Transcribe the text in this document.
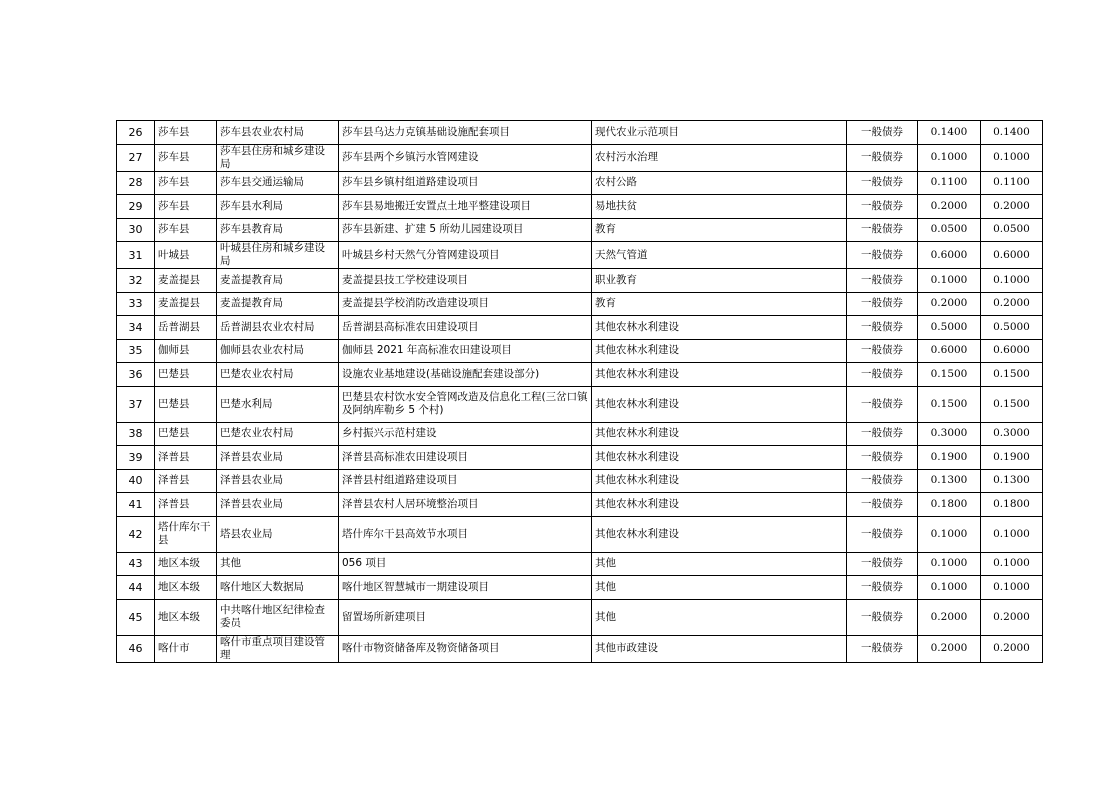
26	莎车县	莎车县农业农村局	莎车县乌达力克镇基础设施配套项目	现代农业示范项目	一般债券	0.1400	0.1400
27	莎车县	莎车县住房和城乡建设局	莎车县两个乡镇污水管网建设	农村污水治理	一般债券	0.1000	0.1000
28	莎车县	莎车县交通运输局	莎车县乡镇村组道路建设项目	农村公路	一般债券	0.1100	0.1100
29	莎车县	莎车县水利局	莎车县易地搬迁安置点土地平整建设项目	易地扶贫	一般债券	0.2000	0.2000
30	莎车县	莎车县教育局	莎车县新建、扩建 5 所幼儿园建设项目	教育	一般债券	0.0500	0.0500
31	叶城县	叶城县住房和城乡建设局	叶城县乡村天然气分管网建设项目	天然气管道	一般债券	0.6000	0.6000
32	麦盖提县	麦盖提教育局	麦盖提县技工学校建设项目	职业教育	一般债券	0.1000	0.1000
33	麦盖提县	麦盖提教育局	麦盖提县学校消防改造建设项目	教育	一般债券	0.2000	0.2000
34	岳普湖县	岳普湖县农业农村局	岳普湖县高标准农田建设项目	其他农林水利建设	一般债券	0.5000	0.5000
35	伽师县	伽师县农业农村局	伽师县 2021 年高标准农田建设项目	其他农林水利建设	一般债券	0.6000	0.6000
36	巴楚县	巴楚农业农村局	设施农业基地建设(基础设施配套建设部分)	其他农林水利建设	一般债券	0.1500	0.1500
37	巴楚县	巴楚水利局	巴楚县农村饮水安全管网改造及信息化工程(三岔口镇及阿纳库勒乡 5 个村)	其他农林水利建设	一般债券	0.1500	0.1500
38	巴楚县	巴楚农业农村局	乡村振兴示范村建设	其他农林水利建设	一般债券	0.3000	0.3000
39	泽普县	泽普县农业局	泽普县高标准农田建设项目	其他农林水利建设	一般债券	0.1900	0.1900
40	泽普县	泽普县农业局	泽普县村组道路建设项目	其他农林水利建设	一般债券	0.1300	0.1300
41	泽普县	泽普县农业局	泽普县农村人居环境整治项目	其他农林水利建设	一般债券	0.1800	0.1800
42	塔什库尔干县	塔县农业局	塔什库尔干县高效节水项目	其他农林水利建设	一般债券	0.1000	0.1000
43	地区本级	其他	056 项目	其他	一般债券	0.1000	0.1000
44	地区本级	喀什地区大数据局	喀什地区智慧城市一期建设项目	其他	一般债券	0.1000	0.1000
45	地区本级	中共喀什地区纪律检查委员	留置场所新建项目	其他	一般债券	0.2000	0.2000
46	喀什市	喀什市重点项目建设管理	喀什市物资储备库及物资储备项目	其他市政建设	一般债券	0.2000	0.2000
